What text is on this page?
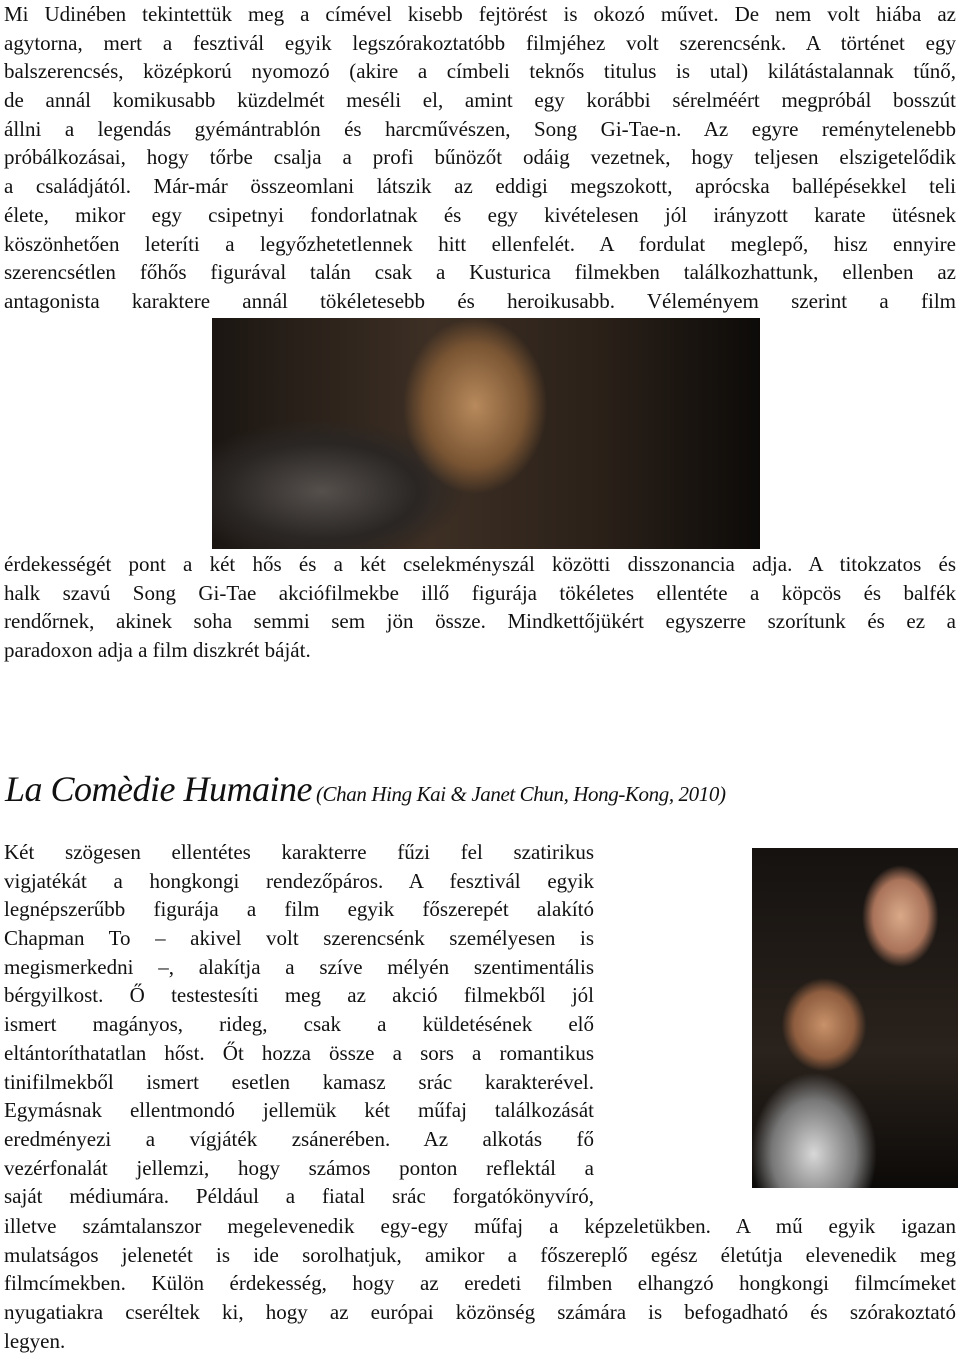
Mi Udinében tekintettük meg a címével kisebb fejtörést is okozó művet. De nem volt hiába az
agytorna, mert a fesztivál egyik legszórakoztatóbb filmjéhez volt szerencsénk. A történet egy
balszerencsés, középkorú nyomozó (akire a címbeli teknős titulus is utal) kilátástalannak tűnő,
de annál komikusabb küzdelmét meséli el, amint egy korábbi sérelméért megpróbál bosszút
állni a legendás gyémántrablón és harcművészen, Song Gi-Tae-n. Az egyre reménytelenebb
próbálkozásai, hogy tőrbe csalja a profi bűnözőt odáig vezetnek, hogy teljesen elszigetelődik
a családjától. Már-már összeomlani látszik az eddigi megszokott, aprócska ballépésekkel teli
élete, mikor egy csipetnyi fondorlatnak és egy kivételesen jól irányzott karate ütésnek
köszönhetően leteríti a legyőzhetetlennek hitt ellenfelét. A fordulat meglepő, hisz ennyire
szerencsétlen főhős figurával talán csak a Kusturica filmekben találkozhattunk, ellenben az
antagonista karaktere annál tökéletesebb és heroikusabb. Véleményem szerint a film
érdekességét pont a két hős és a két cselekményszál közötti disszonancia adja. A titokzatos és
halk szavú Song Gi-Tae akciófilmekbe illő figurája tökéletes ellentéte a köpcös és balfék
rendőrnek, akinek soha semmi sem jön össze. Mindkettőjükért egyszerre szorítunk és ez a
paradoxon adja a film diszkrét báját.
La Comèdie Humaine (Chan Hing Kai & Janet Chun, Hong-Kong, 2010)
Két szögesen ellentétes karakterre fűzi fel szatirikus
vigjatékát a hongkongi rendezőpáros. A fesztivál egyik
legnépszerűbb figurája a film egyik főszerepét alakító
Chapman To – akivel volt szerencsénk személyesen is
megismerkedni –, alakítja a szíve mélyén szentimentális
bérgyilkost. Ő testestesíti meg az akció filmekből jól
ismert magányos, rideg, csak a küldetésének elő
eltántoríthatatlan hőst. Őt hozza össze a sors a romantikus
tinifilmekből ismert esetlen kamasz srác karakterével.
Egymásnak ellentmondó jellemük két műfaj találkozását
eredményezi a vígjáték zsánerében. Az alkotás fő
vezérfonalát jellemzi, hogy számos ponton reflektál a
saját médiumára. Például a fiatal srác forgatókönyvíró,
illetve számtalanszor megelevenedik egy-egy műfaj a képzeletükben. A mű egyik igazan
mulatságos jelenetét is ide sorolhatjuk, amikor a főszereplő egész életútja elevenedik meg
filmcímekben. Külön érdekesség, hogy az eredeti filmben elhangzó hongkongi filmcímeket
nyugatiakra cseréltek ki, hogy az európai közönség számára is befogadható és szórakoztató
legyen.
